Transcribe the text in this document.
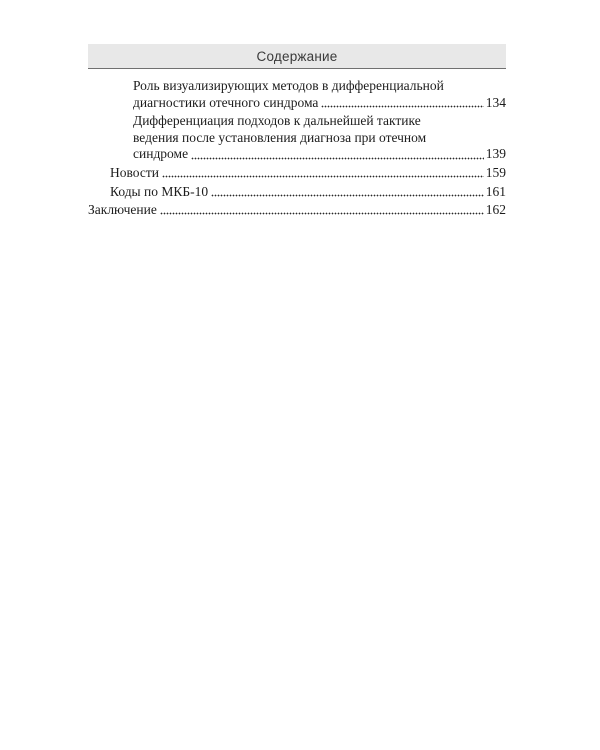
Содержание
Роль визуализирующих методов в дифференциальной
диагностики отечного синдрома	134
Дифференциация подходов к дальнейшей тактике
ведения после установления диагноза при отечном
синдроме	139
Новости	159
Коды по МКБ-10	161
Заключение	162
